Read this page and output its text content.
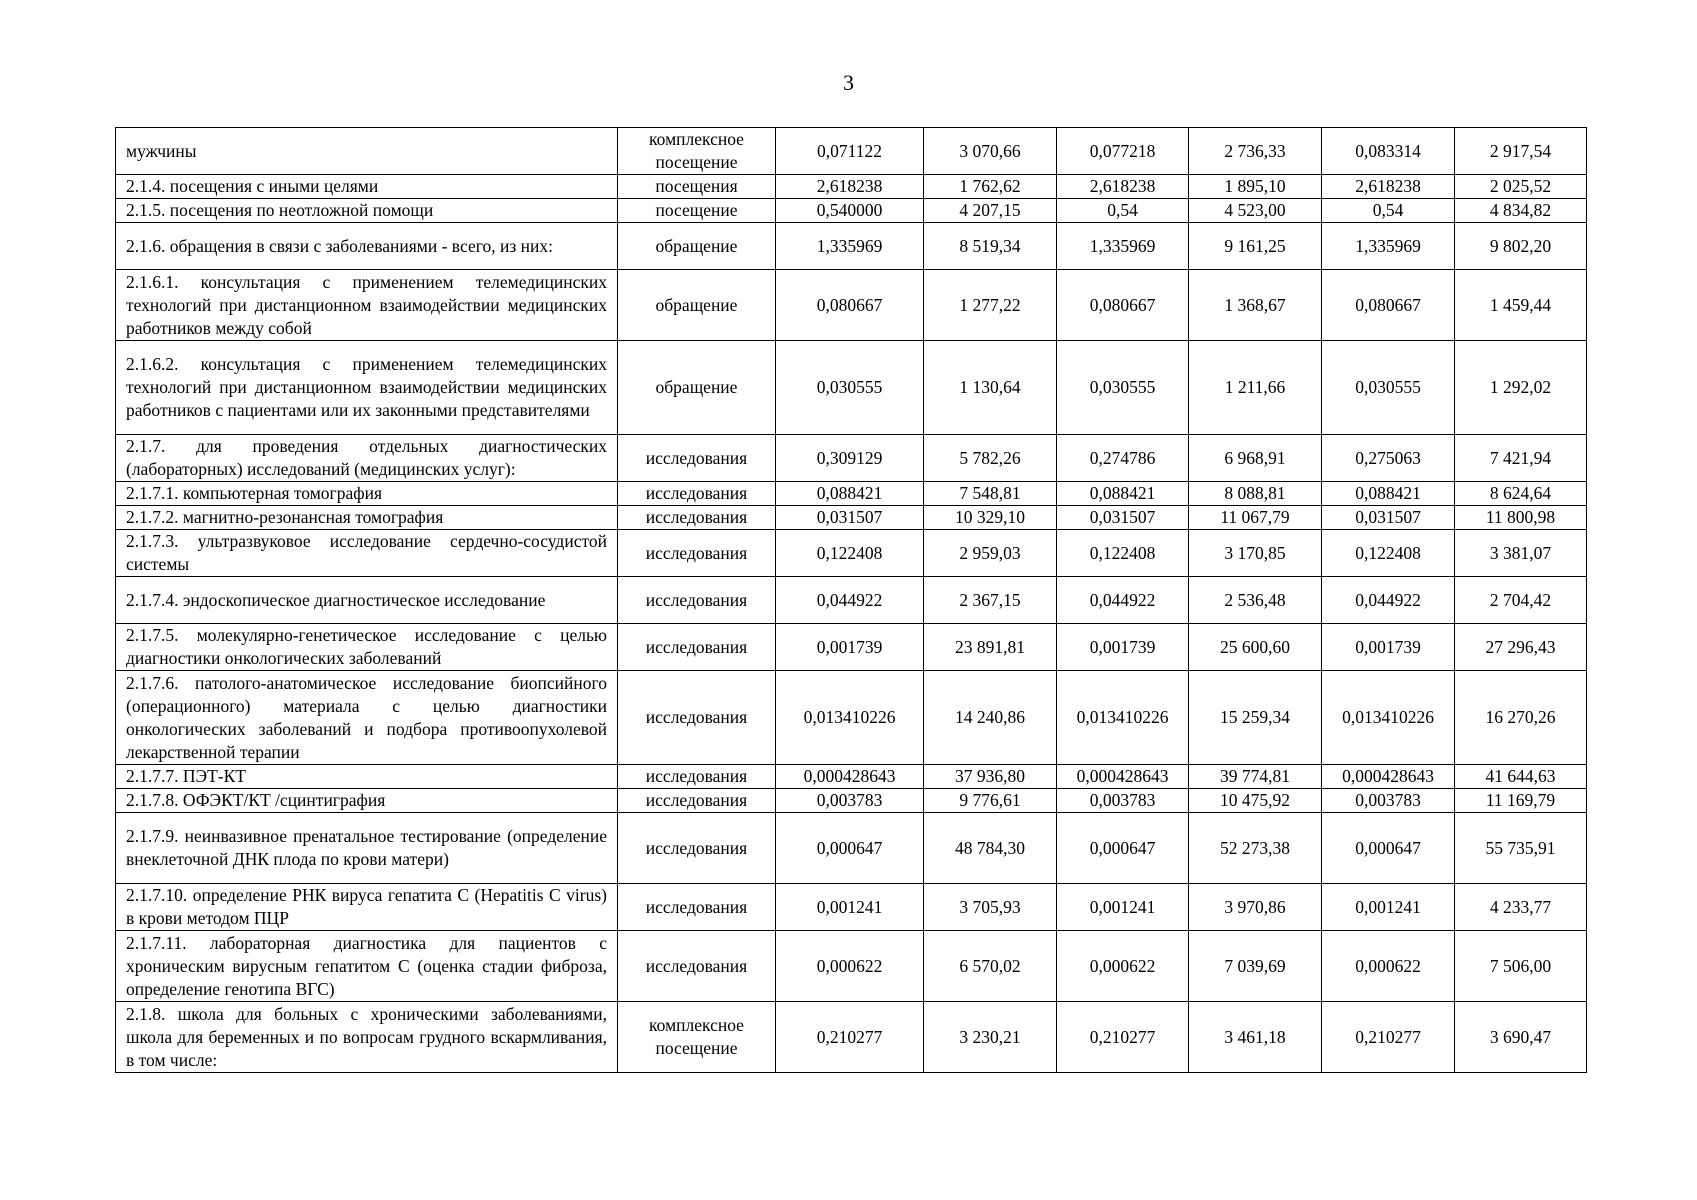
3
мужчины	комплексное посещение	0,071122	3 070,66	0,077218	2 736,33	0,083314	2 917,54
2.1.4. посещения с иными целями	посещения	2,618238	1 762,62	2,618238	1 895,10	2,618238	2 025,52
2.1.5. посещения по неотложной помощи	посещение	0,540000	4 207,15	0,54	4 523,00	0,54	4 834,82
2.1.6. обращения в связи с заболеваниями - всего, из них:	обращение	1,335969	8 519,34	1,335969	9 161,25	1,335969	9 802,20
2.1.6.1. консультация с применением телемедицинских технологий при дистанционном взаимодействии медицинских работников между собой	обращение	0,080667	1 277,22	0,080667	1 368,67	0,080667	1 459,44
2.1.6.2. консультация с применением телемедицинских технологий при дистанционном взаимодействии медицинских работников с пациентами или их законными представителями	обращение	0,030555	1 130,64	0,030555	1 211,66	0,030555	1 292,02
2.1.7. для проведения отдельных диагностических (лабораторных) исследований (медицинских услуг):	исследования	0,309129	5 782,26	0,274786	6 968,91	0,275063	7 421,94
2.1.7.1. компьютерная томография	исследования	0,088421	7 548,81	0,088421	8 088,81	0,088421	8 624,64
2.1.7.2. магнитно-резонансная томография	исследования	0,031507	10 329,10	0,031507	11 067,79	0,031507	11 800,98
2.1.7.3. ультразвуковое исследование сердечно-сосудистой системы	исследования	0,122408	2 959,03	0,122408	3 170,85	0,122408	3 381,07
2.1.7.4. эндоскопическое диагностическое исследование	исследования	0,044922	2 367,15	0,044922	2 536,48	0,044922	2 704,42
2.1.7.5. молекулярно-генетическое исследование с целью диагностики онкологических заболеваний	исследования	0,001739	23 891,81	0,001739	25 600,60	0,001739	27 296,43
2.1.7.6. патолого-анатомическое исследование биопсийного (операционного) материала с целью диагностики онкологических заболеваний и подбора противоопухолевой лекарственной терапии	исследования	0,013410226	14 240,86	0,013410226	15 259,34	0,013410226	16 270,26
2.1.7.7. ПЭТ-КТ	исследования	0,000428643	37 936,80	0,000428643	39 774,81	0,000428643	41 644,63
2.1.7.8. ОФЭКТ/КТ /сцинтиграфия	исследования	0,003783	9 776,61	0,003783	10 475,92	0,003783	11 169,79
2.1.7.9. неинвазивное пренатальное тестирование (определение внеклеточной ДНК плода по крови матери)	исследования	0,000647	48 784,30	0,000647	52 273,38	0,000647	55 735,91
2.1.7.10. определение РНК вируса гепатита С (Hepatitis C virus) в крови методом ПЦР	исследования	0,001241	3 705,93	0,001241	3 970,86	0,001241	4 233,77
2.1.7.11. лабораторная диагностика для пациентов с хроническим вирусным гепатитом С (оценка стадии фиброза, определение генотипа ВГС)	исследования	0,000622	6 570,02	0,000622	7 039,69	0,000622	7 506,00
2.1.8. школа для больных с хроническими заболеваниями, школа для беременных и по вопросам грудного вскармливания, в том числе:	комплексное посещение	0,210277	3 230,21	0,210277	3 461,18	0,210277	3 690,47
